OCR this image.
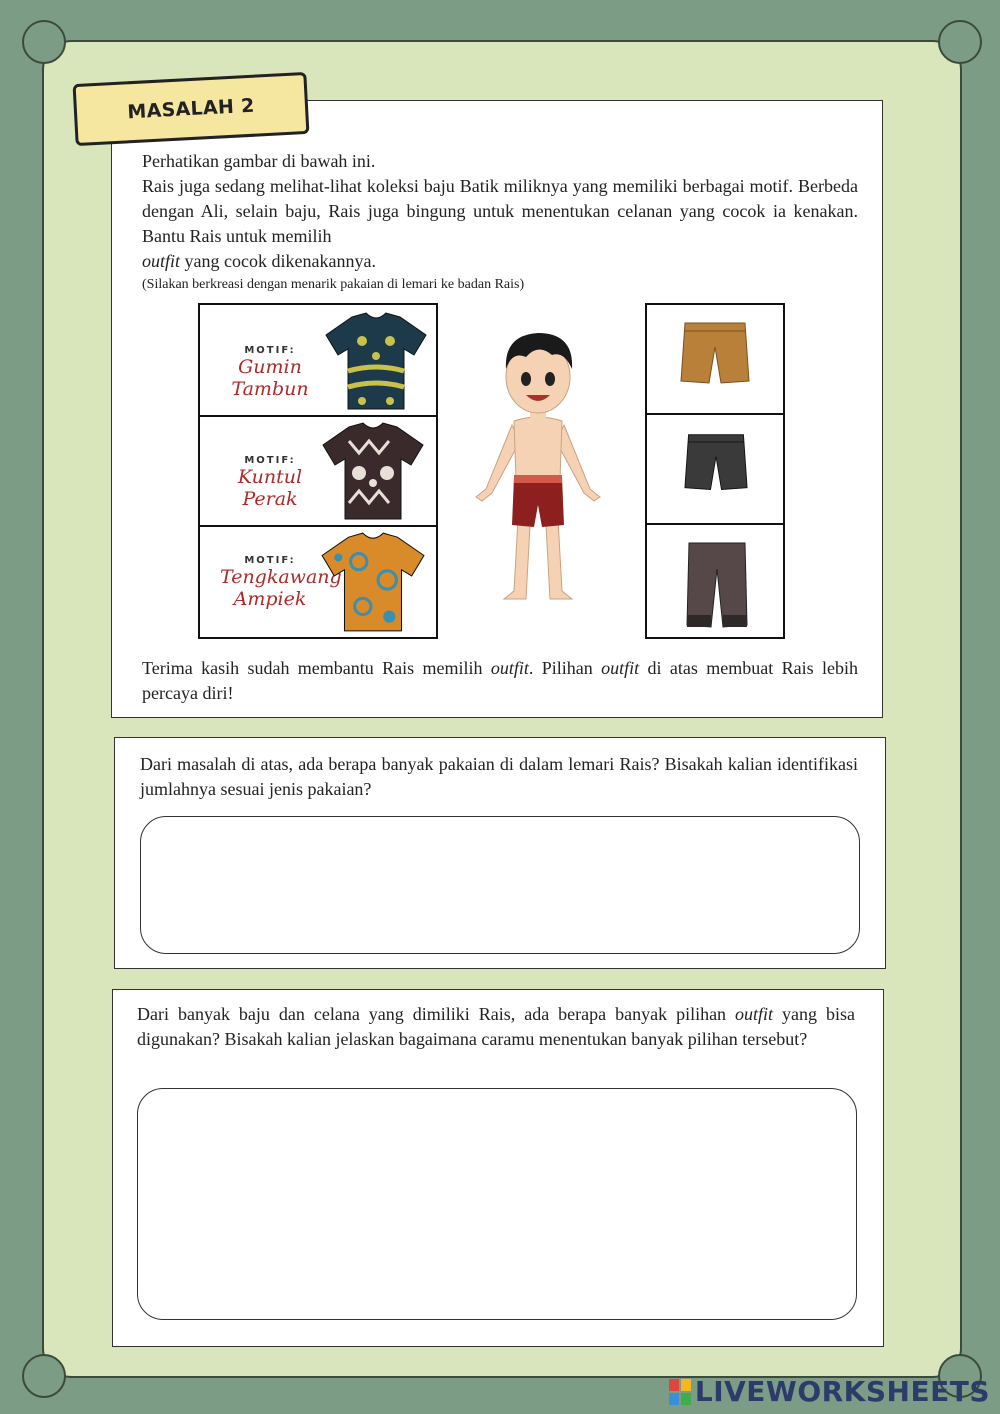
MASALAH 2
Perhatikan gambar di bawah ini.
Rais juga sedang melihat-lihat koleksi baju Batik miliknya yang memiliki berbagai motif. Berbeda dengan Ali, selain baju, Rais juga bingung untuk menentukan celanan yang cocok ia kenakan. Bantu Rais untuk memilih
outfit yang cocok dikenakannya.
(Silakan berkreasi dengan menarik pakaian di lemari ke badan Rais)
MOTIF:
Gumin Tambun
MOTIF:
Kuntul Perak
MOTIF:
Tengkawang Ampiek
Terima kasih sudah membantu Rais memilih outfit. Pilihan outfit di atas membuat Rais lebih percaya diri!
Dari masalah di atas, ada berapa banyak pakaian di dalam lemari Rais? Bisakah kalian identifikasi jumlahnya sesuai jenis pakaian?
Dari banyak baju dan celana yang dimiliki Rais, ada berapa banyak pilihan outfit yang bisa digunakan? Bisakah kalian jelaskan bagaimana caramu menentukan banyak pilihan tersebut?
LIVEWORKSHEETS
